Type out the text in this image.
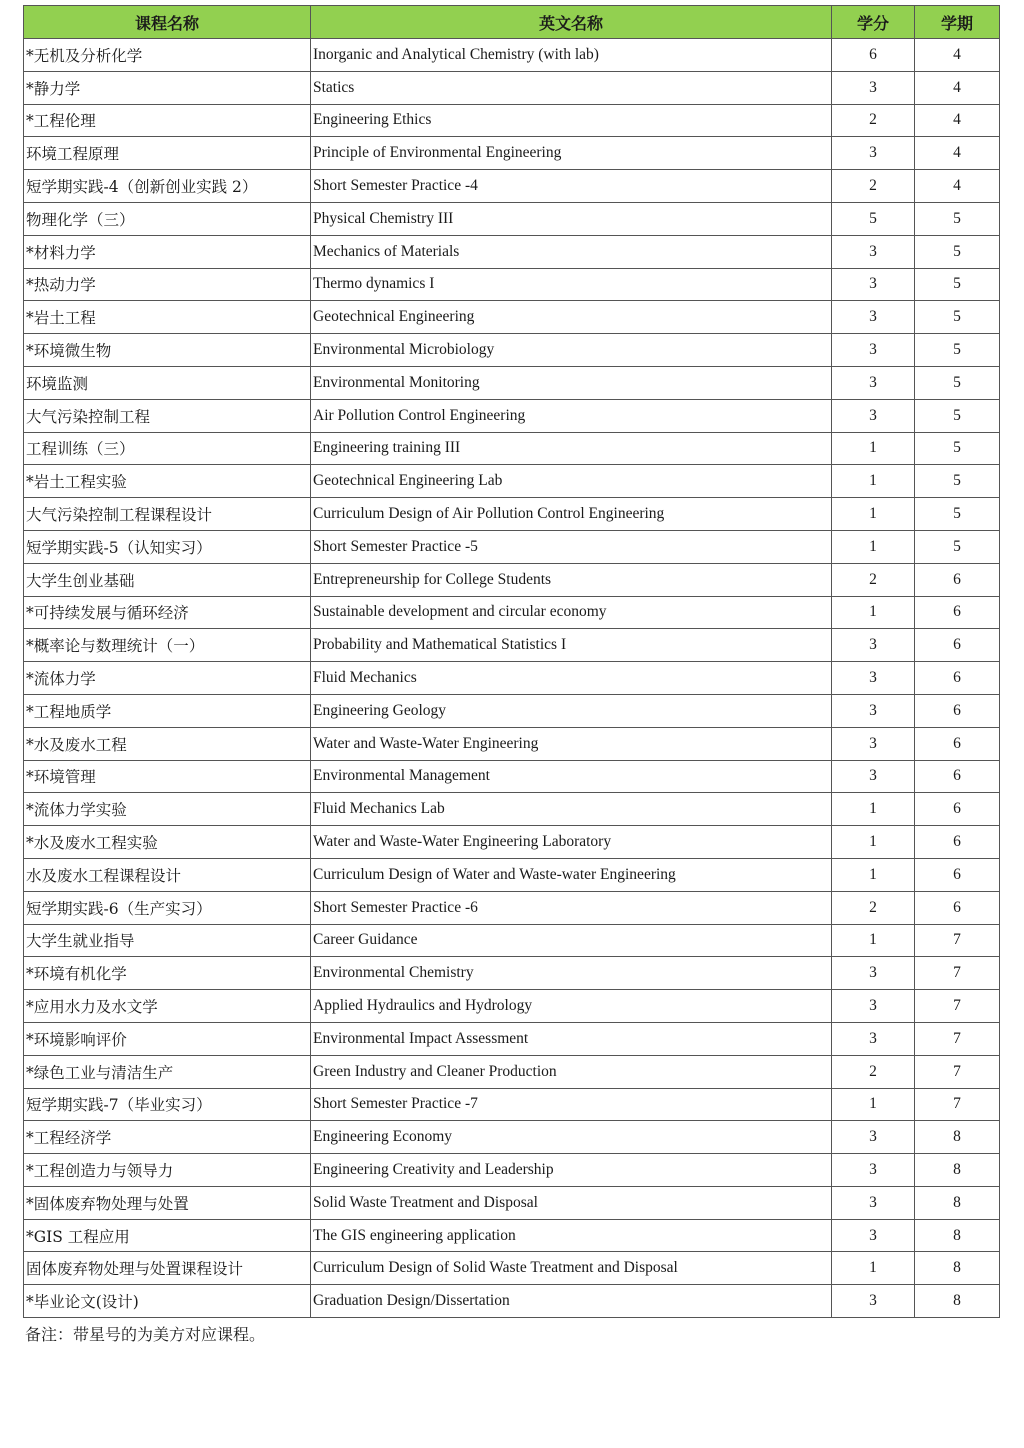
课程名称	英文名称	学分	学期
*无机及分析化学	Inorganic and Analytical Chemistry (with lab)	6	4
*静力学	Statics	3	4
*工程伦理	Engineering Ethics	2	4
环境工程原理	Principle of Environmental Engineering	3	4
短学期实践-4（创新创业实践 2）	Short Semester Practice -4	2	4
物理化学（三）	Physical Chemistry III	5	5
*材料力学	Mechanics of Materials	3	5
*热动力学	Thermo dynamics I	3	5
*岩土工程	Geotechnical Engineering	3	5
*环境微生物	Environmental Microbiology	3	5
环境监测	Environmental Monitoring	3	5
大气污染控制工程	Air Pollution Control Engineering	3	5
工程训练（三）	Engineering training III	1	5
*岩土工程实验	Geotechnical Engineering Lab	1	5
大气污染控制工程课程设计	Curriculum Design of Air Pollution Control Engineering	1	5
短学期实践-5（认知实习）	Short Semester Practice -5	1	5
大学生创业基础	Entrepreneurship for College Students	2	6
*可持续发展与循环经济	Sustainable development and circular economy	1	6
*概率论与数理统计（一）	Probability and Mathematical Statistics I	3	6
*流体力学	Fluid Mechanics	3	6
*工程地质学	Engineering Geology	3	6
*水及废水工程	Water and Waste-Water Engineering	3	6
*环境管理	Environmental Management	3	6
*流体力学实验	Fluid Mechanics Lab	1	6
*水及废水工程实验	Water and Waste-Water Engineering Laboratory	1	6
水及废水工程课程设计	Curriculum Design of Water and Waste-water Engineering	1	6
短学期实践-6（生产实习）	Short Semester Practice -6	2	6
大学生就业指导	Career Guidance	1	7
*环境有机化学	Environmental Chemistry	3	7
*应用水力及水文学	Applied Hydraulics and Hydrology	3	7
*环境影响评价	Environmental Impact Assessment	3	7
*绿色工业与清洁生产	Green Industry and Cleaner Production	2	7
短学期实践-7（毕业实习）	Short Semester Practice -7	1	7
*工程经济学	Engineering Economy	3	8
*工程创造力与领导力	Engineering Creativity and Leadership	3	8
*固体废弃物处理与处置	Solid Waste Treatment and Disposal	3	8
*GIS 工程应用	The GIS engineering application	3	8
固体废弃物处理与处置课程设计	Curriculum Design of Solid Waste Treatment and Disposal	1	8
*毕业论文(设计)	Graduation Design/Dissertation	3	8
备注：带星号的为美方对应课程。
